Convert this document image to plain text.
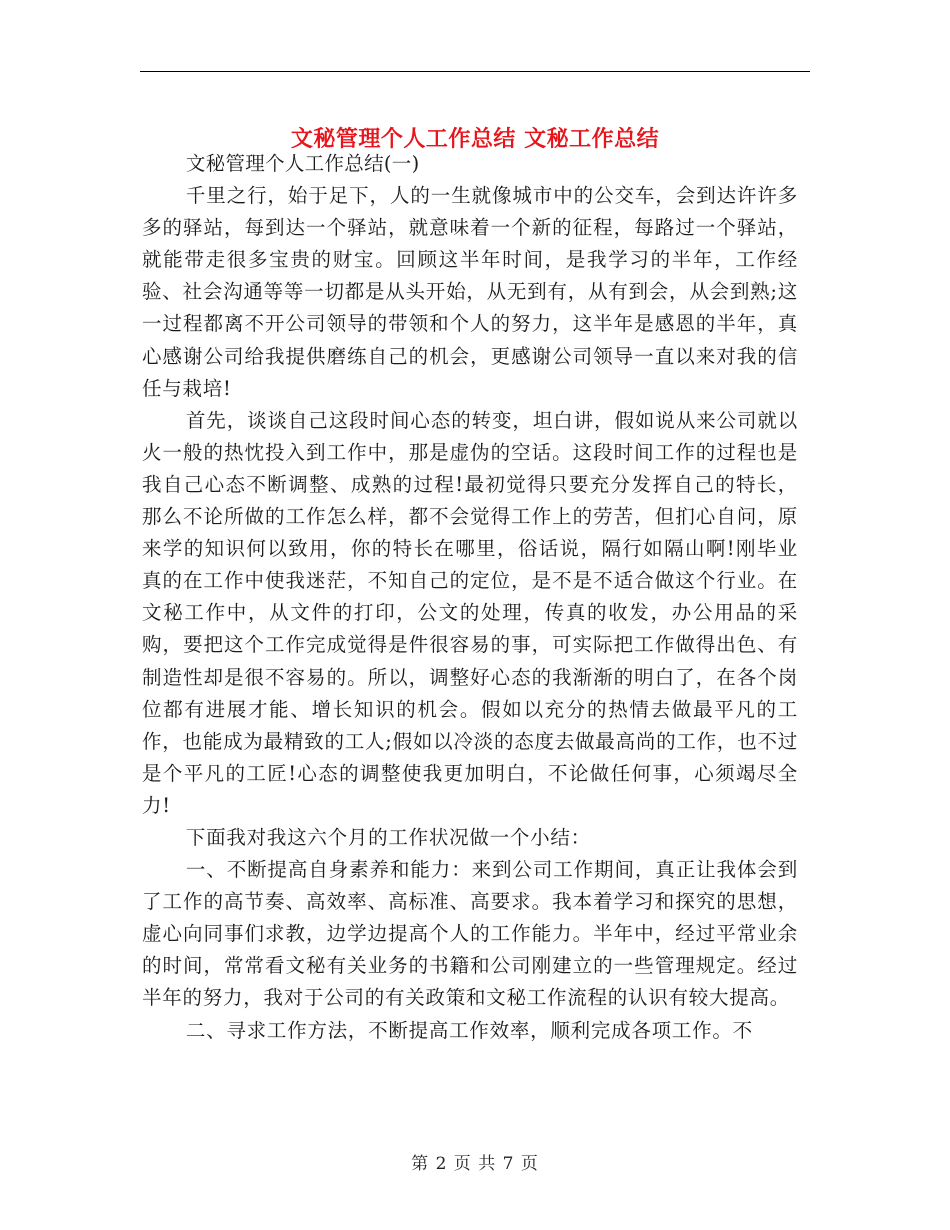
文秘管理个人工作总结 文秘工作总结

文秘管理个人工作总结(一)

千里之行，始于足下，人的一生就像城市中的公交车，会到达许许多多的驿站，每到达一个驿站，就意味着一个新的征程，每路过一个驿站，就能带走很多宝贵的财宝。回顾这半年时间，是我学习的半年，工作经验、社会沟通等等一切都是从头开始，从无到有，从有到会，从会到熟;这一过程都离不开公司领导的带领和个人的努力，这半年是感恩的半年，真心感谢公司给我提供磨练自己的机会，更感谢公司领导一直以来对我的信任与栽培!

首先，谈谈自己这段时间心态的转变，坦白讲，假如说从来公司就以火一般的热忱投入到工作中，那是虚伪的空话。这段时间工作的过程也是我自己心态不断调整、成熟的过程!最初觉得只要充分发挥自己的特长，那么不论所做的工作怎么样，都不会觉得工作上的劳苦，但扪心自问，原来学的知识何以致用，你的特长在哪里，俗话说，隔行如隔山啊!刚毕业真的在工作中使我迷茫，不知自己的定位，是不是不适合做这个行业。在文秘工作中，从文件的打印，公文的处理，传真的收发，办公用品的采购，要把这个工作完成觉得是件很容易的事，可实际把工作做得出色、有制造性却是很不容易的。所以，调整好心态的我渐渐的明白了，在各个岗位都有进展才能、增长知识的机会。假如以充分的热情去做最平凡的工作，也能成为最精致的工人;假如以冷淡的态度去做最高尚的工作，也不过是个平凡的工匠!心态的调整使我更加明白，不论做任何事，心须竭尽全力!

下面我对我这六个月的工作状况做一个小结：

一、不断提高自身素养和能力：来到公司工作期间，真正让我体会到了工作的高节奏、高效率、高标准、高要求。我本着学习和探究的思想，虚心向同事们求教，边学边提高个人的工作能力。半年中，经过平常业余的时间，常常看文秘有关业务的书籍和公司刚建立的一些管理规定。经过半年的努力，我对于公司的有关政策和文秘工作流程的认识有较大提高。

二、寻求工作方法，不断提高工作效率，顺利完成各项工作。不

第 2 页 共 7 页
